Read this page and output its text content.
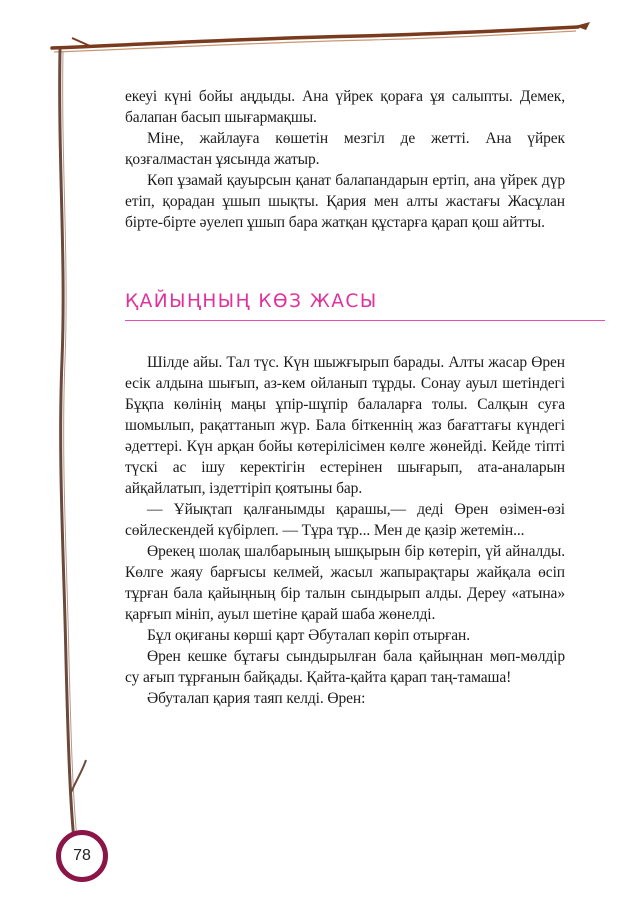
екеуі күні бойы аңдыды. Ана үйрек қораға ұя салыпты. Демек, балапан басып шығармақшы.

Міне, жайлауға көшетін мезгіл де жетті. Ана үйрек қозғалмастан ұясында жатыр.

Көп ұзамай қауырсын қанат балапандарын ертіп, ана үйрек дүр етіп, қорадан ұшып шықты. Қария мен алты жастағы Жасұлан біртe-бірте әуелеп ұшып бара жатқан құстарға қарап қош айтты.

ҚАЙЫҢНЫҢ КӨЗ ЖАСЫ

Шілде айы. Тал түс. Күн шыжғырып барады. Алты жасар Өрен есік алдына шығып, аз-кем ойланып тұрды. Сонау ауыл шетіндегі Бұқпа көлінің маңы ұпір-шұпір балаларға толы. Салқын суға шомылып, рақаттанып жүр. Бала біткеннің жаз бағаттағы күндегі әдеттері. Күн арқан бойы көтерілісімен көлге жөнейді. Кейде тіпті түскі ас ішу керектігін естерінен шығарып, ата-аналарын айқайлатып, іздеттіріп қоятыны бар.

— Ұйықтап қалғанымды қарашы,— деді Өрен өзімен-өзі сөйлескендей күбірлеп. — Тұра тұр... Мен де қазір жетемін...

Өрекең шолақ шалбарының ышқырын бір көтеріп, үй айналды. Көлге жаяу барғысы келмей, жасыл жапырақтары жайқала өсіп тұрған бала қайыңның бір талын сындырып алды. Дереу «атына» қарғып мініп, ауыл шетіне қарай шаба жөнелді.

Бұл оқиғаны көрші қарт Әбуталап көріп отырған.

Өрен кешке бұтағы сындырылған бала қайыңнан мөп-мөлдір су ағып тұрғанын байқады. Қайта-қайта қарап таң-тамаша!

Әбуталап қария таяп келді. Өрен:

78
